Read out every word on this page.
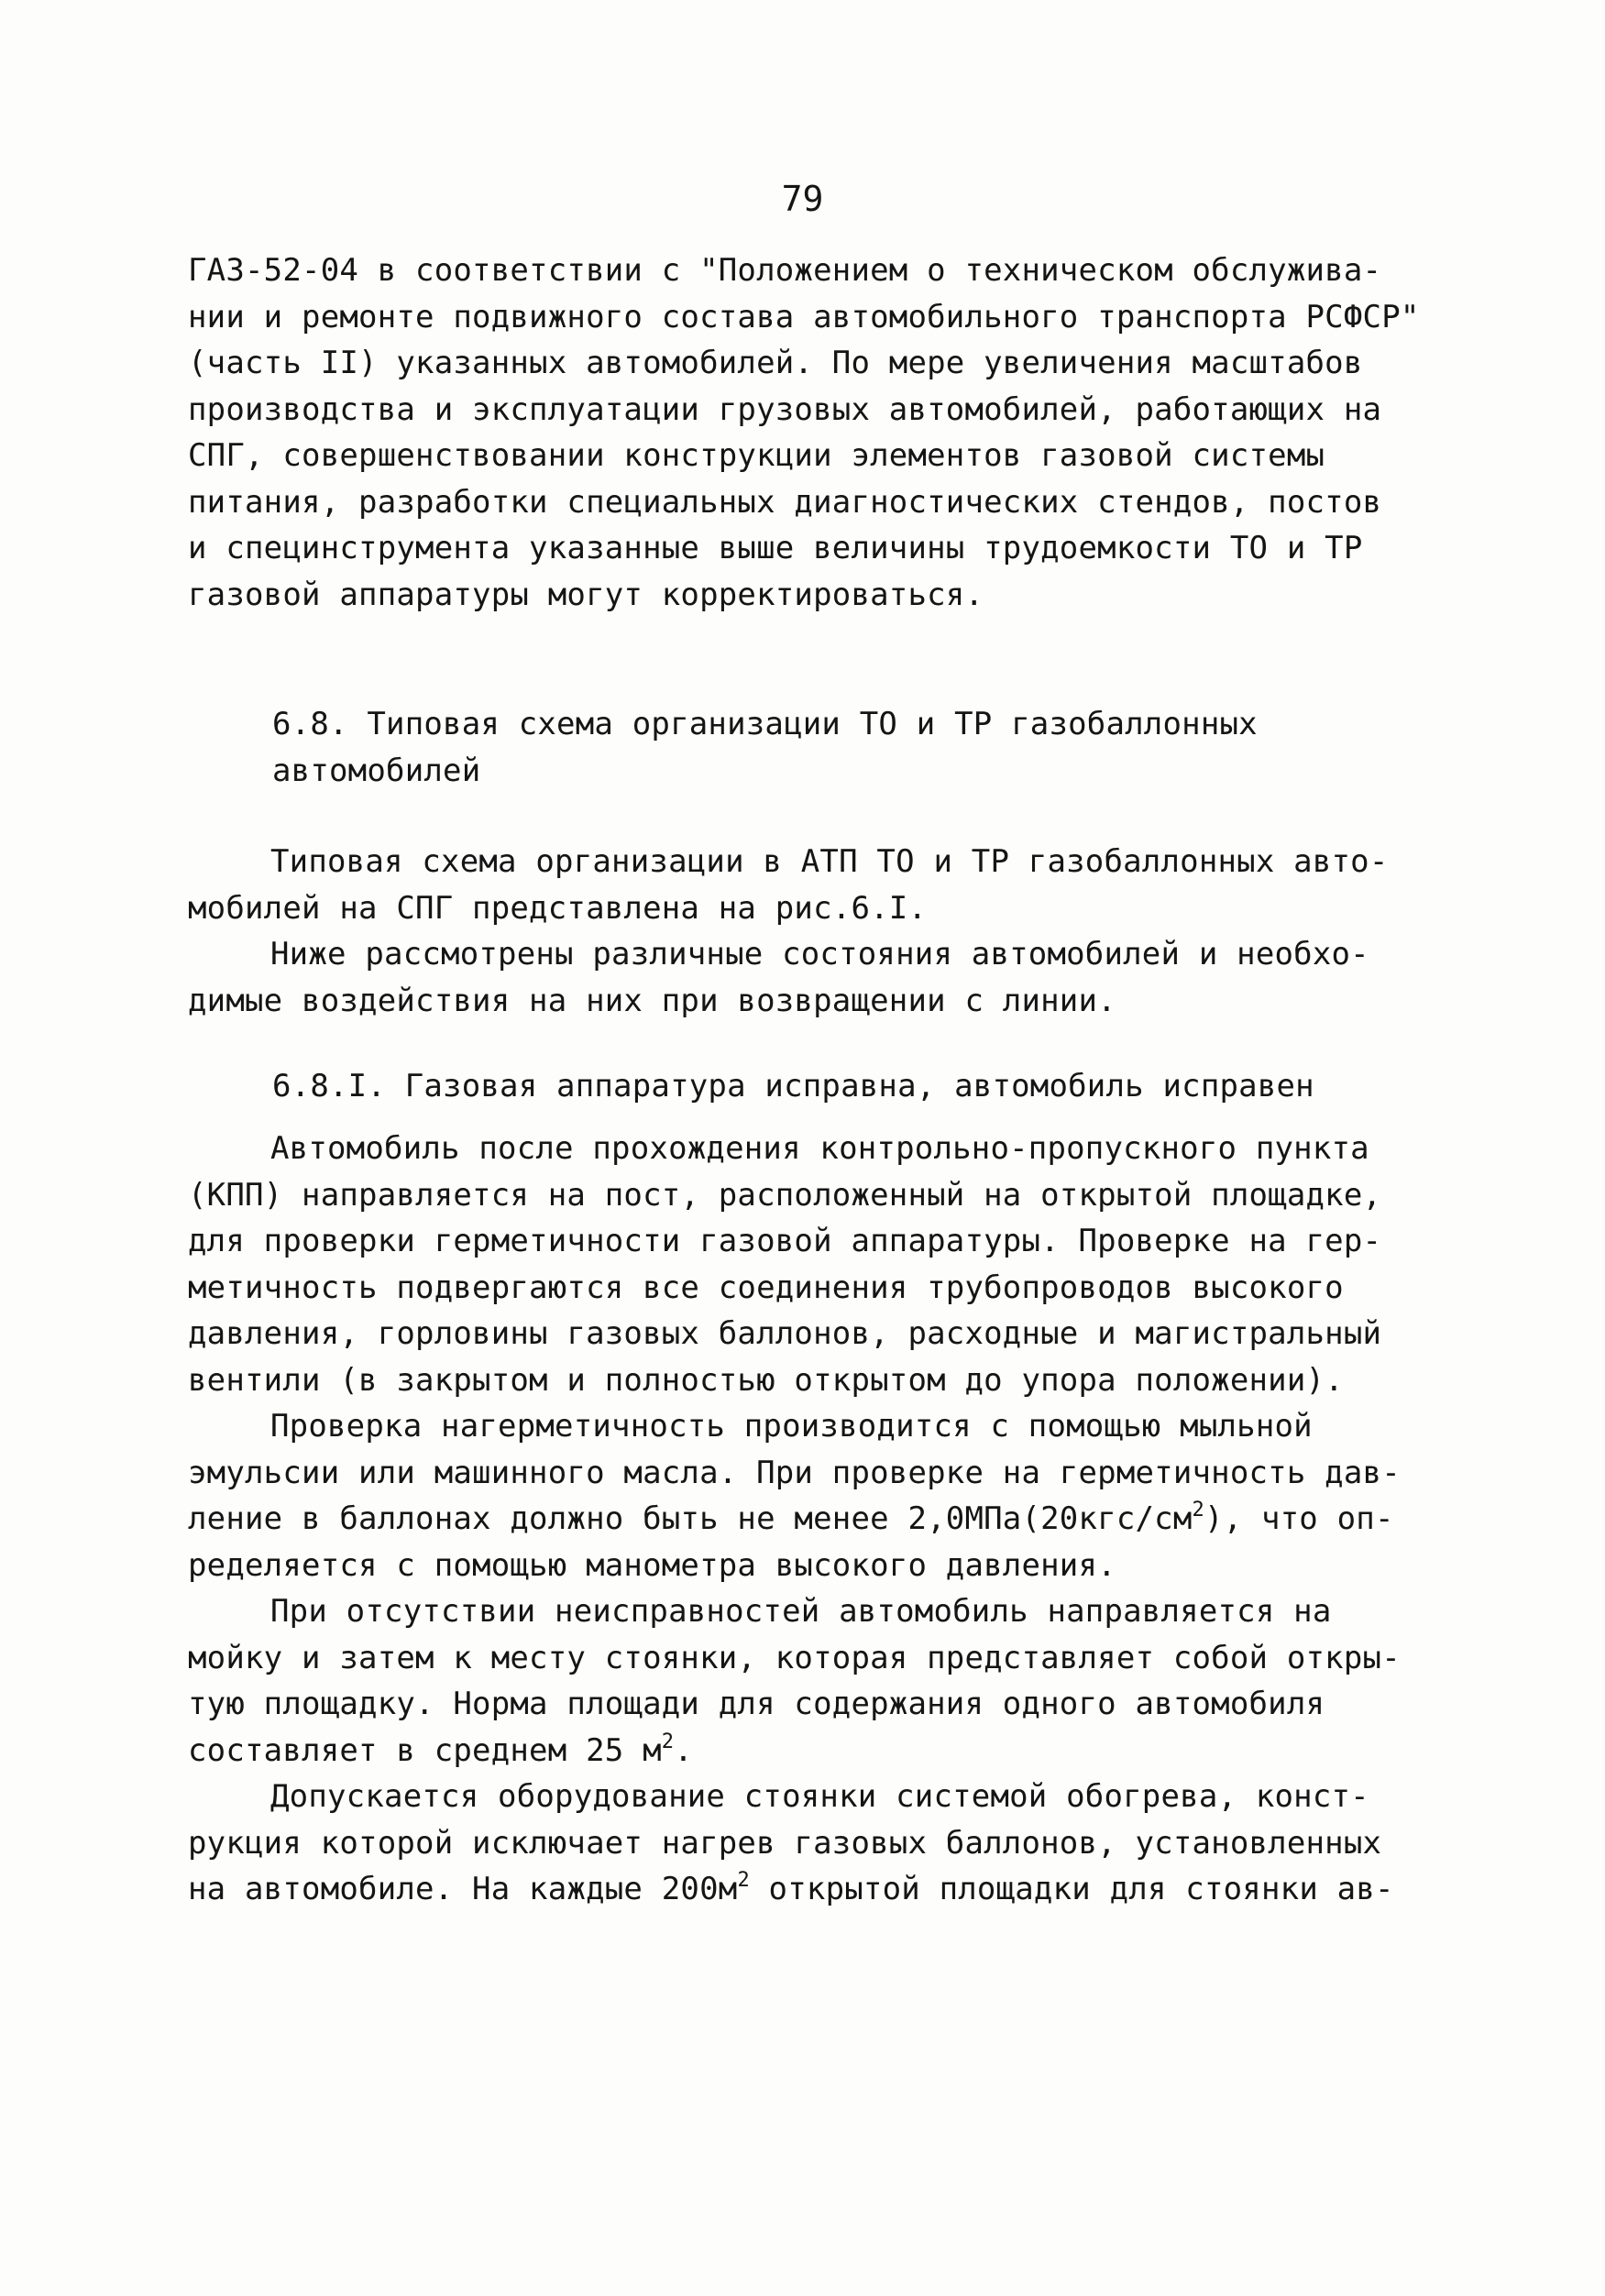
79
ГАЗ-52-04 в соответствии с "Положением о техническом обслужива-
нии и ремонте подвижного состава автомобильного транспорта РСФСР"
(часть II) указанных автомобилей. По мере увеличения масштабов
производства и эксплуатации грузовых автомобилей, работающих на
СПГ, совершенствовании конструкции элементов газовой системы
питания, разработки специальных диагностических стендов, постов
и специнструмента указанные выше величины трудоемкости ТО и ТР
газовой аппаратуры могут корректироваться.
6.8. Типовая схема организации ТО и ТР газобаллонных
автомобилей
Типовая схема организации в АТП ТО и ТР газобаллонных авто-
мобилей на СПГ представлена на рис.6.I.
Ниже рассмотрены различные состояния автомобилей и необхо-
димые воздействия на них при возвращении с линии.
6.8.I. Газовая аппаратура исправна, автомобиль исправен
Автомобиль после прохождения контрольно-пропускного пункта
(КПП) направляется на пост, расположенный на открытой площадке,
для проверки герметичности газовой аппаратуры. Проверке на гер-
метичность подвергаются все соединения трубопроводов высокого
давления, горловины газовых баллонов, расходные и магистральный
вентили (в закрытом и полностью открытом до упора положении).
Проверка нагерметичность производится с помощью мыльной
эмульсии или машинного масла. При проверке на герметичность дав-
ление в баллонах должно быть не менее $2,0МПа(20кгс/см^2)$, что оп-
ределяется с помощью манометра высокого давления.
При отсутствии неисправностей автомобиль направляется на
мойку и затем к месту стоянки, которая представляет собой откры-
тую площадку. Норма площади для содержания одного автомобиля
составляет в среднем 25 $м^2$.
Допускается оборудование стоянки системой обогрева, конст-
рукция которой исключает нагрев газовых баллонов, установленных
на автомобиле. На каждые $200м^2$ открытой площадки для стоянки ав-
